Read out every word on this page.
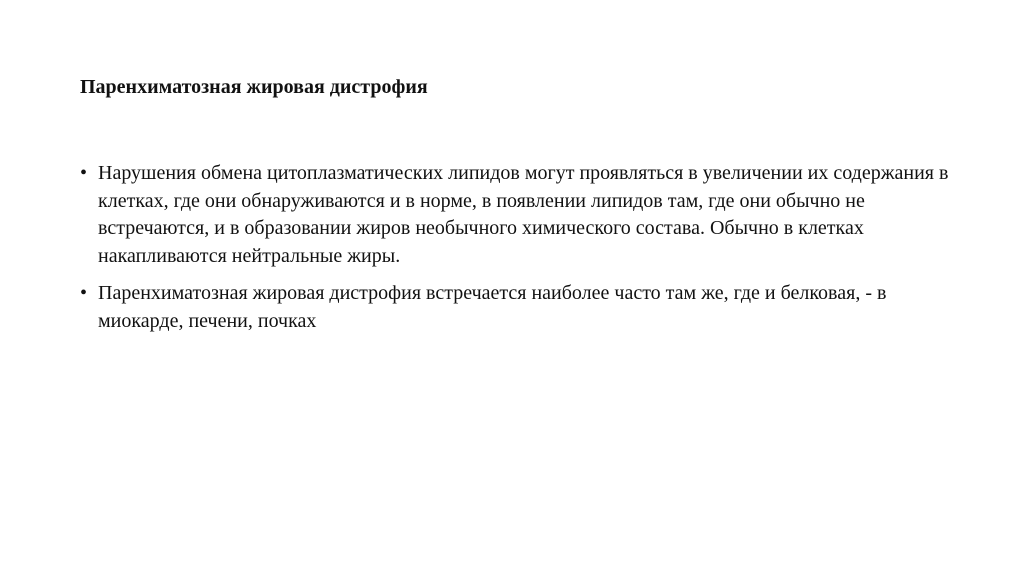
Паренхиматозная жировая дистрофия
• Нарушения обмена цитоплазматических липидов могут проявляться в увеличении их содержания в клетках, где они обнаруживаются и в норме, в появлении липидов там, где они обычно не встречаются, и в образовании жиров необычного химического состава. Обычно в клетках накапливаются нейтральные жиры.
• Паренхиматозная жировая дистрофия встречается наиболее часто там же, где и белковая, - в миокарде, печени, почках
